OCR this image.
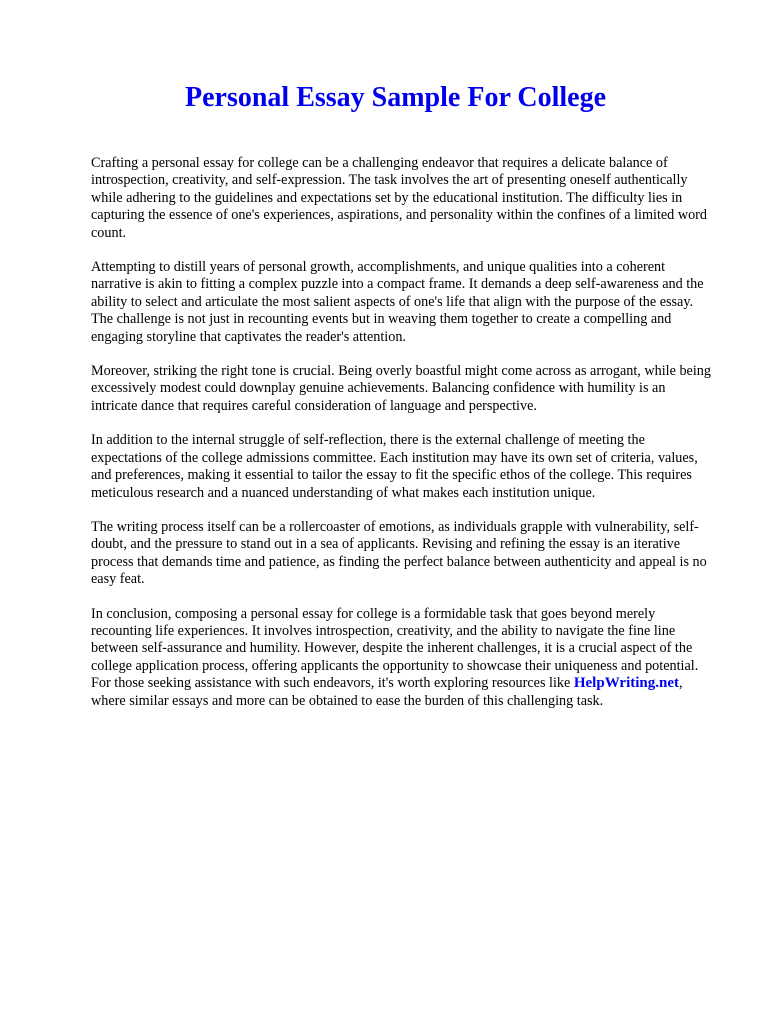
Personal Essay Sample For College

Crafting a personal essay for college can be a challenging endeavor that requires a delicate balance of introspection, creativity, and self-expression. The task involves the art of presenting oneself authentically while adhering to the guidelines and expectations set by the educational institution. The difficulty lies in capturing the essence of one's experiences, aspirations, and personality within the confines of a limited word count.

Attempting to distill years of personal growth, accomplishments, and unique qualities into a coherent narrative is akin to fitting a complex puzzle into a compact frame. It demands a deep self-awareness and the ability to select and articulate the most salient aspects of one's life that align with the purpose of the essay. The challenge is not just in recounting events but in weaving them together to create a compelling and engaging storyline that captivates the reader's attention.

Moreover, striking the right tone is crucial. Being overly boastful might come across as arrogant, while being excessively modest could downplay genuine achievements. Balancing confidence with humility is an intricate dance that requires careful consideration of language and perspective.

In addition to the internal struggle of self-reflection, there is the external challenge of meeting the expectations of the college admissions committee. Each institution may have its own set of criteria, values, and preferences, making it essential to tailor the essay to fit the specific ethos of the college. This requires meticulous research and a nuanced understanding of what makes each institution unique.

The writing process itself can be a rollercoaster of emotions, as individuals grapple with vulnerability, self-doubt, and the pressure to stand out in a sea of applicants. Revising and refining the essay is an iterative process that demands time and patience, as finding the perfect balance between authenticity and appeal is no easy feat.

In conclusion, composing a personal essay for college is a formidable task that goes beyond merely recounting life experiences. It involves introspection, creativity, and the ability to navigate the fine line between self-assurance and humility. However, despite the inherent challenges, it is a crucial aspect of the college application process, offering applicants the opportunity to showcase their uniqueness and potential. For those seeking assistance with such endeavors, it's worth exploring resources like HelpWriting.net, where similar essays and more can be obtained to ease the burden of this challenging task.
